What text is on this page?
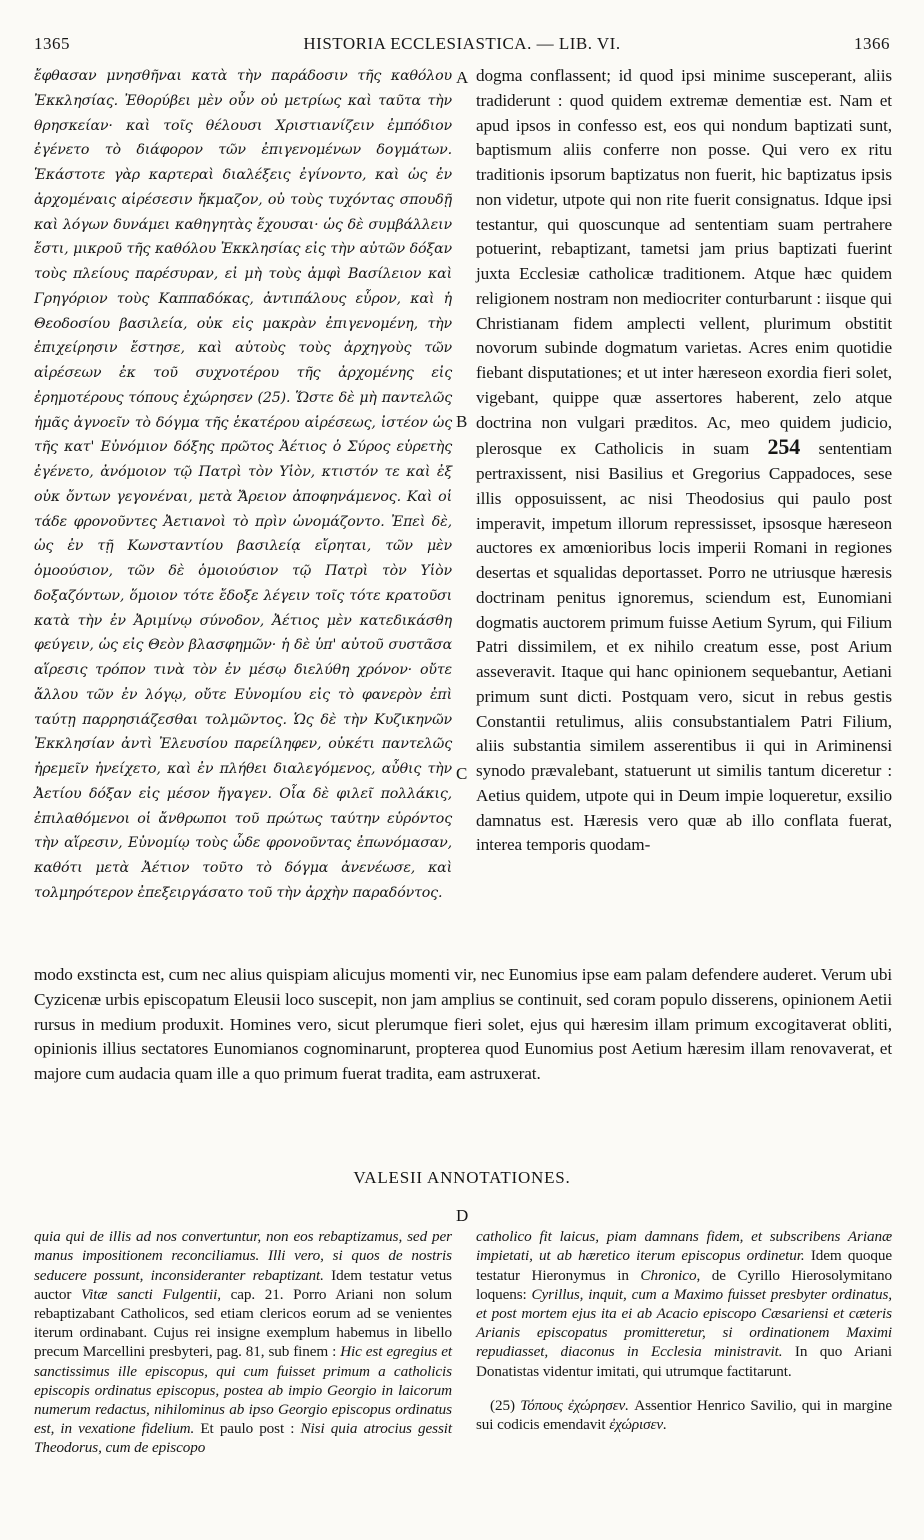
1365	HISTORIA ECCLESIASTICA. — LIB. VI.	1366
A
B
C
D

ἔφθασαν μνησθῆναι κατὰ τὴν παράδοσιν τῆς καθόλου Ἐκκλησίας. Ἐθορύβει μὲν οὖν οὐ μετρίως καὶ ταῦτα τὴν θρησκείαν· καὶ τοῖς θέλουσι Χριστιανίζειν ἐμπόδιον ἐγένετο τὸ διάφορον τῶν ἐπιγενομένων δογμάτων. Ἑκάστοτε γὰρ καρτεραὶ διαλέξεις ἐγίνοντο, καὶ ὡς ἐν ἀρχομέναις αἱρέσεσιν ἤκμαζον, οὐ τοὺς τυχόντας σπουδῇ καὶ λόγων δυνάμει καθηγητὰς ἔχουσαι· ὡς δὲ συμβάλλειν ἔστι, μικροῦ τῆς καθόλου Ἐκκλησίας εἰς τὴν αὐτῶν δόξαν τοὺς πλείους παρέσυραν, εἰ μὴ τοὺς ἀμφὶ Βασίλειον καὶ Γρηγόριον τοὺς Καππαδόκας, ἀντιπάλους εὗρον, καὶ ἡ Θεοδοσίου βασιλεία, οὐκ εἰς μακρὰν ἐπιγενομένη, τὴν ἐπιχείρησιν ἔστησε, καὶ αὐτοὺς τοὺς ἀρχηγοὺς τῶν αἱρέσεων ἐκ τοῦ συχνοτέρου τῆς ἀρχομένης εἰς ἐρημοτέρους τόπους ἐχώρησεν (25). Ὥστε δὲ μὴ παντελῶς ἡμᾶς ἀγνοεῖν τὸ δόγμα τῆς ἑκατέρου αἱρέσεως, ἰστέον ὡς τῆς κατ' Εὐνόμιον δόξης πρῶτος Ἀέτιος ὁ Σύρος εὑρετὴς ἐγένετο, ἀνόμοιον τῷ Πατρὶ τὸν Υἱὸν, κτιστόν τε καὶ ἐξ οὐκ ὄντων γεγονέναι, μετὰ Ἄρειον ἀποφηνάμενος. Καὶ οἱ τάδε φρονοῦντες Ἀετιανοὶ τὸ πρὶν ὠνομάζοντο. Ἐπεὶ δὲ, ὡς ἐν τῇ Κωνσταντίου βασιλείᾳ εἴρηται, τῶν μὲν ὁμοούσιον, τῶν δὲ ὁμοιούσιον τῷ Πατρὶ τὸν Υἱὸν δοξαζόντων, ὅμοιον τότε ἔδοξε λέγειν τοῖς τότε κρατοῦσι κατὰ τὴν ἐν Ἀριμίνῳ σύνοδον, Ἀέτιος μὲν κατεδικάσθη φεύγειν, ὡς εἰς Θεὸν βλασφημῶν· ἡ δὲ ὑπ' αὐτοῦ συστᾶσα αἵρεσις τρόπον τινὰ τὸν ἐν μέσῳ διελύθη χρόνον· οὔτε ἄλλου τῶν ἐν λόγῳ, οὔτε Εὐνομίου εἰς τὸ φανερὸν ἐπὶ ταύτῃ παρρησιάζεσθαι τολμῶντος. Ὡς δὲ τὴν Κυζικηνῶν Ἐκκλησίαν ἀντὶ Ἐλευσίου παρείληφεν, οὐκέτι παντελῶς ἠρεμεῖν ἠνείχετο, καὶ ἐν πλήθει διαλεγόμενος, αὖθις τὴν Ἀετίου δόξαν εἰς μέσον ἤγαγεν. Οἷα δὲ φιλεῖ πολλάκις, ἐπιλαθόμενοι οἱ ἄνθρωποι τοῦ πρώτως ταύτην εὑρόντος τὴν αἵρεσιν, Εὐνομίῳ τοὺς ὧδε φρονοῦντας ἐπωνόμασαν, καθότι μετὰ Ἀέτιον τοῦτο τὸ δόγμα ἀνενέωσε, καὶ τολμηρότερον ἐπεξειργάσατο τοῦ τὴν ἀρχὴν παραδόντος.

dogma conflassent; id quod ipsi minime susceperant, aliis tradiderunt : quod quidem extremæ dementiæ est. Nam et apud ipsos in confesso est, eos qui nondum baptizati sunt, baptismum aliis conferre non posse. Qui vero ex ritu traditionis ipsorum baptizatus non fuerit, hic baptizatus ipsis non videtur, utpote qui non rite fuerit consignatus. Idque ipsi testantur, qui quoscunque ad sententiam suam pertrahere potuerint, rebaptizant, tametsi jam prius baptizati fuerint juxta Ecclesiæ catholicæ traditionem. Atque hæc quidem religionem nostram non mediocriter conturbarunt : iisque qui Christianam fidem amplecti vellent, plurimum obstitit novorum subinde dogmatum varietas. Acres enim quotidie fiebant disputationes; et ut inter hæreseon exordia fieri solet, vigebant, quippe quæ assertores haberent, zelo atque doctrina non vulgari præditos. Ac, meo quidem judicio, plerosque ex Catholicis in suam 254 sententiam pertraxissent, nisi Basilius et Gregorius Cappadoces, sese illis opposuissent, ac nisi Theodosius qui paulo post imperavit, impetum illorum repressisset, ipsosque hæreseon auctores ex amœnioribus locis imperii Romani in regiones desertas et squalidas deportasset. Porro ne utriusque hæresis doctrinam penitus ignoremus, sciendum est, Eunomiani dogmatis auctorem primum fuisse Aetium Syrum, qui Filium Patri dissimilem, et ex nihilo creatum esse, post Arium asseveravit. Itaque qui hanc opinionem sequebantur, Aetiani primum sunt dicti. Postquam vero, sicut in rebus gestis Constantii retulimus, aliis consubstantialem Patri Filium, aliis substantia similem asserentibus ii qui in Ariminensi synodo prævalebant, statuerunt ut similis tantum diceretur : Aetius quidem, utpote qui in Deum impie loqueretur, exsilio damnatus est. Hæresis vero quæ ab illo conflata fuerat, interea temporis quodam-

modo exstincta est, cum nec alius quispiam alicujus momenti vir, nec Eunomius ipse eam palam defendere auderet. Verum ubi Cyzicenæ urbis episcopatum Eleusii loco suscepit, non jam amplius se continuit, sed coram populo disserens, opinionem Aetii rursus in medium produxit. Homines vero, sicut plerumque fieri solet, ejus qui hæresim illam primum excogitaverat obliti, opinionis illius sectatores Eunomianos cognominarunt, propterea quod Eunomius post Aetium hæresim illam renovaverat, et majore cum audacia quam ille a quo primum fuerat tradita, eam astruxerat.

VALESII ANNOTATIONES.

quia qui de illis ad nos convertuntur, non eos rebaptizamus, sed per manus impositionem reconciliamus. Illi vero, si quos de nostris seducere possunt, inconsideranter rebaptizant. Idem testatur vetus auctor Vitæ sancti Fulgentii, cap. 21. Porro Ariani non solum rebaptizabant Catholicos, sed etiam clericos eorum ad se venientes iterum ordinabant. Cujus rei insigne exemplum habemus in libello precum Marcellini presbyteri, pag. 81, sub finem : Hic est egregius et sanctissimus ille episcopus, qui cum fuisset primum a catholicis episcopis ordinatus episcopus, postea ab impio Georgio in laicorum numerum redactus, nihilominus ab ipso Georgio episcopus ordinatus est, in vexatione fidelium. Et paulo post : Nisi quia atrocius gessit Theodorus, cum de episcopo

catholico fit laicus, piam damnans fidem, et subscribens Arianæ impietati, ut ab hæretico iterum episcopus ordinetur. Idem quoque testatur Hieronymus in Chronico, de Cyrillo Hierosolymitano loquens: Cyrillus, inquit, cum a Maximo fuisset presbyter ordinatus, et post mortem ejus ita ei ab Acacio episcopo Cæsariensi et cæteris Arianis episcopatus promitteretur, si ordinationem Maximi repudiasset, diaconus in Ecclesia ministravit. In quo Ariani Donatistas videntur imitati, qui utrumque factitarunt.

(25) Τόπους ἐχώρησεν. Assentior Henrico Savilio, qui in margine sui codicis emendavit ἐχώρισεν.
